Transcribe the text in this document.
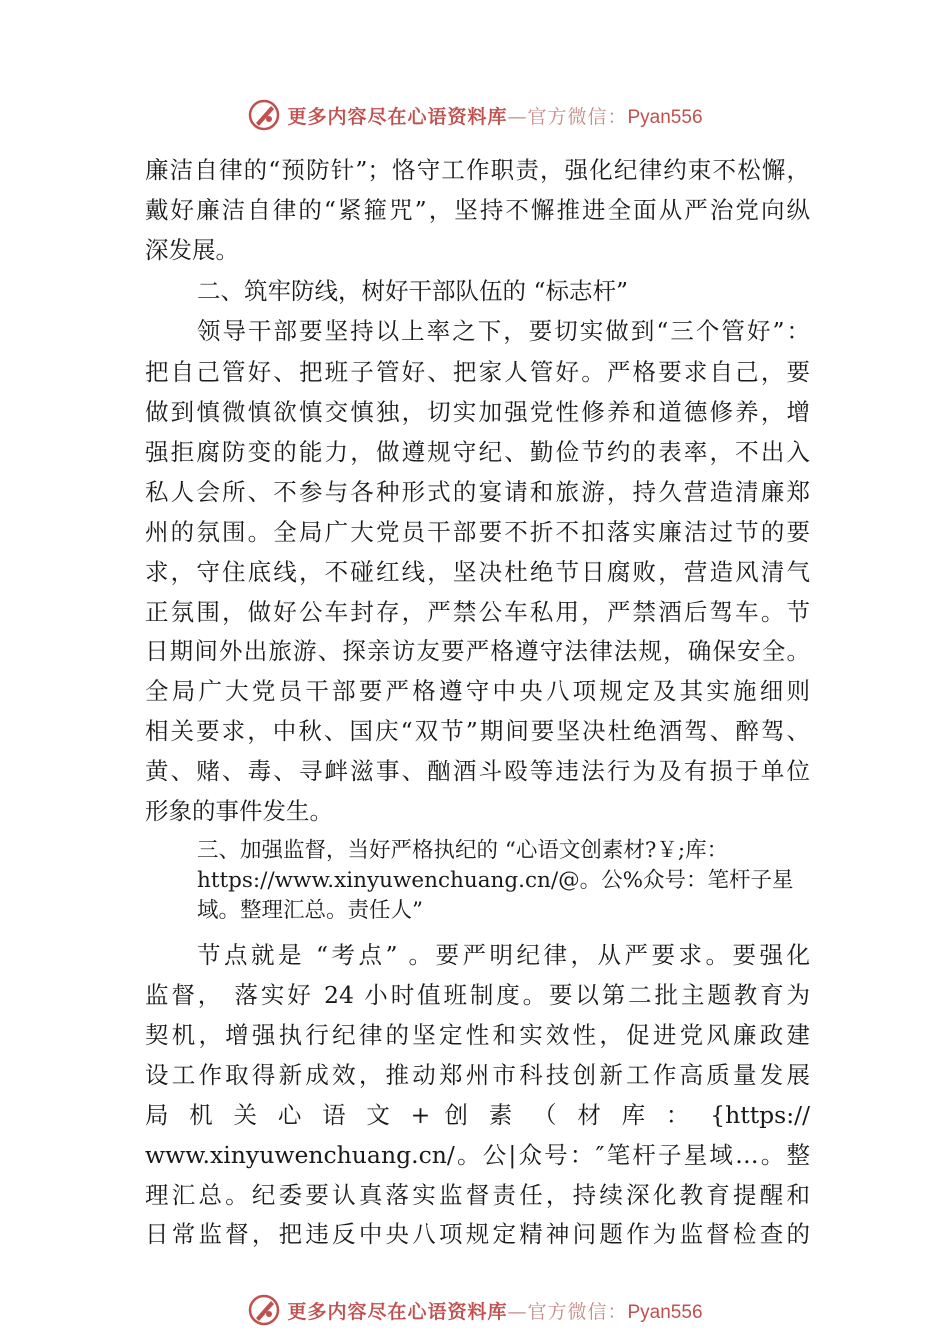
更多内容尽在心语资料库—官方微信：Pyan556
廉洁自律的“预防针”；恪守工作职责，强化纪律约束不松懈，
戴好廉洁自律的“紧箍咒”，坚持不懈推进全面从严治党向纵
深发展。
二、筑牢防线，树好干部队伍的 “标志杆”
领导干部要坚持以上率之下，要切实做到“三个管好”：
把自己管好、把班子管好、把家人管好。严格要求自己，要
做到慎微慎欲慎交慎独，切实加强党性修养和道德修养，增
强拒腐防变的能力，做遵规守纪、勤俭节约的表率，不出入
私人会所、不参与各种形式的宴请和旅游，持久营造清廉郑
州的氛围。全局广大党员干部要不折不扣落实廉洁过节的要
求，守住底线，不碰红线，坚决杜绝节日腐败，营造风清气
正氛围，做好公车封存，严禁公车私用，严禁酒后驾车。节
日期间外出旅游、探亲访友要严格遵守法律法规，确保安全。
全局广大党员干部要严格遵守中央八项规定及其实施细则
相关要求，中秋、国庆“双节”期间要坚决杜绝酒驾、醉驾、
黄、赌、毒、寻衅滋事、酗酒斗殴等违法行为及有损于单位
形象的事件发生。
三、加强监督，当好严格执纪的 “心语文创素材?￥;库：
https://www.xinyuwenchuang.cn/@。公%众号：笔杆子星
域。整理汇总。责任人”
节点就是 “考点” 。要严明纪律，从严要求。要强化
监督， 落实好 24 小时值班制度。要以第二批主题教育为
契机，增强执行纪律的坚定性和实效性，促进党风廉政建
设工作取得新成效，推动郑州市科技创新工作高质量发展
局 机 关 心 语 文 + 创 素 （ 材 库 ： {https://
www.xinyuwenchuang.cn/。公|众号：″笔杆子星域…。整
理汇总。纪委要认真落实监督责任，持续深化教育提醒和
日常监督，把违反中央八项规定精神问题作为监督检查的
更多内容尽在心语资料库—官方微信：Pyan556
